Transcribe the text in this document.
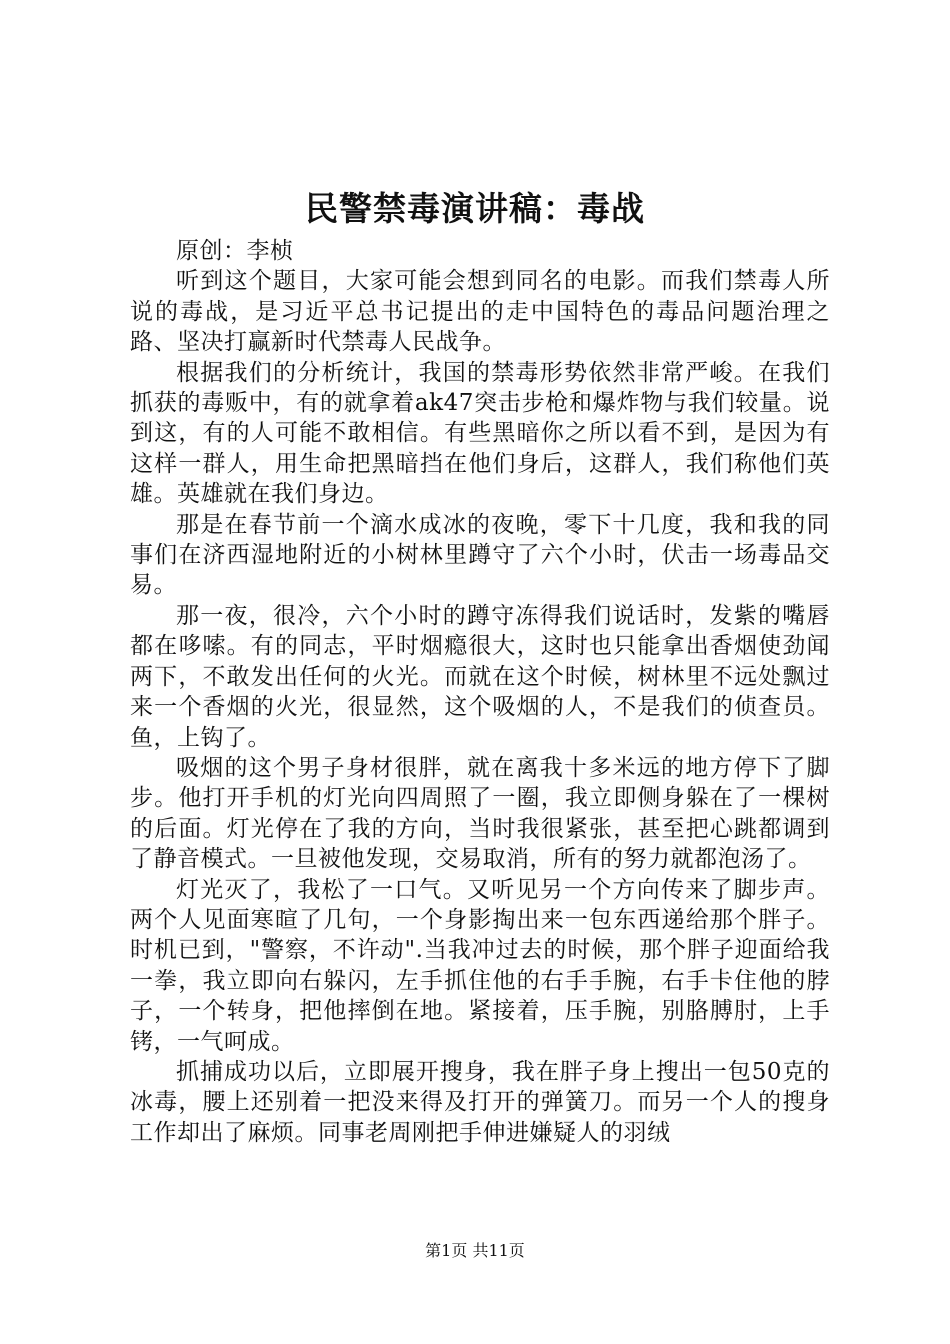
民警禁毒演讲稿：毒战

原创：李桢

听到这个题目，大家可能会想到同名的电影。而我们禁毒人所说的毒战，是习近平总书记提出的走中国特色的毒品问题治理之路、坚决打赢新时代禁毒人民战争。

根据我们的分析统计，我国的禁毒形势依然非常严峻。在我们抓获的毒贩中，有的就拿着ak47突击步枪和爆炸物与我们较量。说到这，有的人可能不敢相信。有些黑暗你之所以看不到，是因为有这样一群人，用生命把黑暗挡在他们身后，这群人，我们称他们英雄。英雄就在我们身边。

那是在春节前一个滴水成冰的夜晚，零下十几度，我和我的同事们在济西湿地附近的小树林里蹲守了六个小时，伏击一场毒品交易。

那一夜，很冷，六个小时的蹲守冻得我们说话时，发紫的嘴唇都在哆嗦。有的同志，平时烟瘾很大，这时也只能拿出香烟使劲闻两下，不敢发出任何的火光。而就在这个时候，树林里不远处飘过来一个香烟的火光，很显然，这个吸烟的人，不是我们的侦查员。鱼，上钩了。

吸烟的这个男子身材很胖，就在离我十多米远的地方停下了脚步。他打开手机的灯光向四周照了一圈，我立即侧身躲在了一棵树的后面。灯光停在了我的方向，当时我很紧张，甚至把心跳都调到了静音模式。一旦被他发现，交易取消，所有的努力就都泡汤了。

灯光灭了，我松了一口气。又听见另一个方向传来了脚步声。两个人见面寒暄了几句，一个身影掏出来一包东西递给那个胖子。时机已到，"警察，不许动".当我冲过去的时候，那个胖子迎面给我一拳，我立即向右躲闪，左手抓住他的右手手腕，右手卡住他的脖子，一个转身，把他摔倒在地。紧接着，压手腕，别胳膊肘，上手铐，一气呵成。

抓捕成功以后，立即展开搜身，我在胖子身上搜出一包50克的冰毒，腰上还别着一把没来得及打开的弹簧刀。而另一个人的搜身工作却出了麻烦。同事老周刚把手伸进嫌疑人的羽绒

第1页 共11页
